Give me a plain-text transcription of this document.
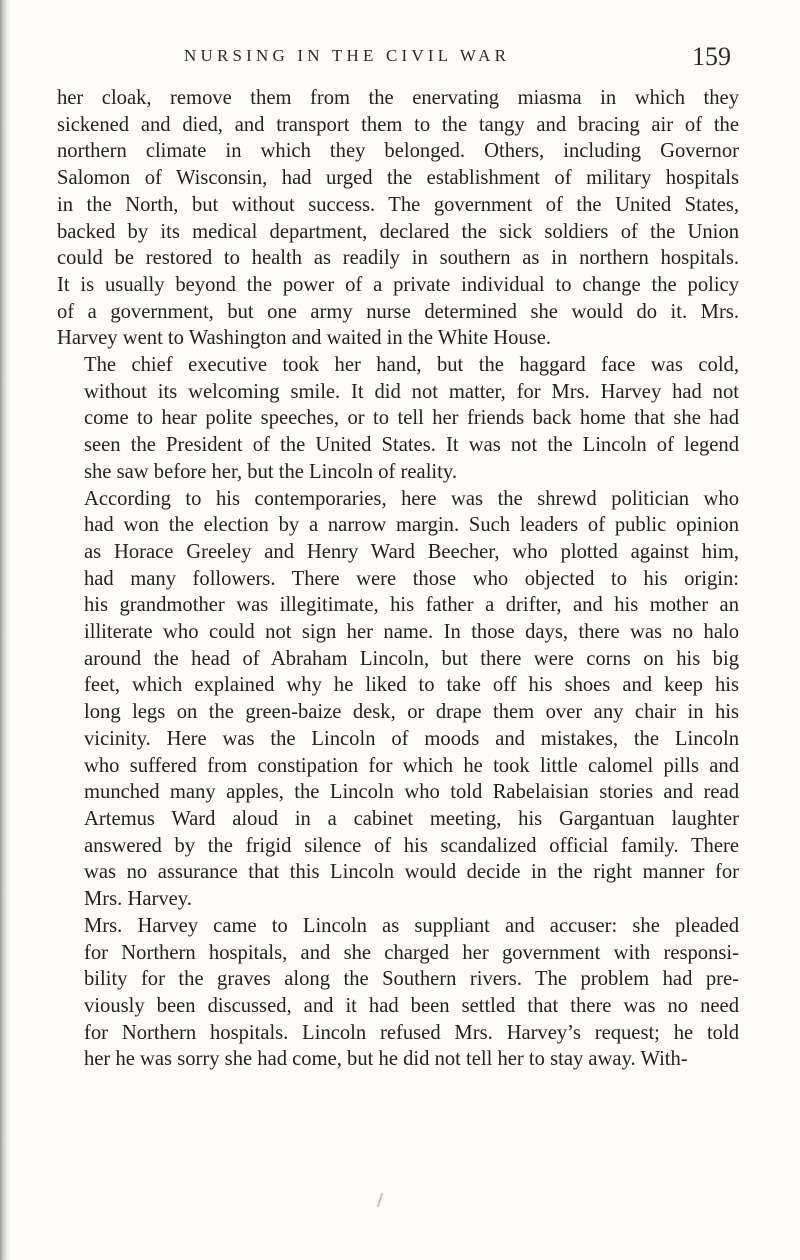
NURSING IN THE CIVIL WAR	159

her cloak, remove them from the enervating miasma in which they
sickened and died, and transport them to the tangy and bracing air of the
northern climate in which they belonged. Others, including Governor
Salomon of Wisconsin, had urged the establishment of military hospitals
in the North, but without success. The government of the United States,
backed by its medical department, declared the sick soldiers of the Union
could be restored to health as readily in southern as in northern hospitals.
It is usually beyond the power of a private individual to change the policy
of a government, but one army nurse determined she would do it. Mrs.
Harvey went to Washington and waited in the White House.

The chief executive took her hand, but the haggard face was cold,
without its welcoming smile. It did not matter, for Mrs. Harvey had not
come to hear polite speeches, or to tell her friends back home that she had
seen the President of the United States. It was not the Lincoln of legend
she saw before her, but the Lincoln of reality.

According to his contemporaries, here was the shrewd politician who
had won the election by a narrow margin. Such leaders of public opinion
as Horace Greeley and Henry Ward Beecher, who plotted against him,
had many followers. There were those who objected to his origin:
his grandmother was illegitimate, his father a drifter, and his mother an
illiterate who could not sign her name. In those days, there was no halo
around the head of Abraham Lincoln, but there were corns on his big
feet, which explained why he liked to take off his shoes and keep his
long legs on the green-baize desk, or drape them over any chair in his
vicinity. Here was the Lincoln of moods and mistakes, the Lincoln
who suffered from constipation for which he took little calomel pills and
munched many apples, the Lincoln who told Rabelaisian stories and read
Artemus Ward aloud in a cabinet meeting, his Gargantuan laughter
answered by the frigid silence of his scandalized official family. There
was no assurance that this Lincoln would decide in the right manner for
Mrs. Harvey.

Mrs. Harvey came to Lincoln as suppliant and accuser: she pleaded
for Northern hospitals, and she charged her government with responsi-
bility for the graves along the Southern rivers. The problem had pre-
viously been discussed, and it had been settled that there was no need
for Northern hospitals. Lincoln refused Mrs. Harvey’s request; he told
her he was sorry she had come, but he did not tell her to stay away. With-
